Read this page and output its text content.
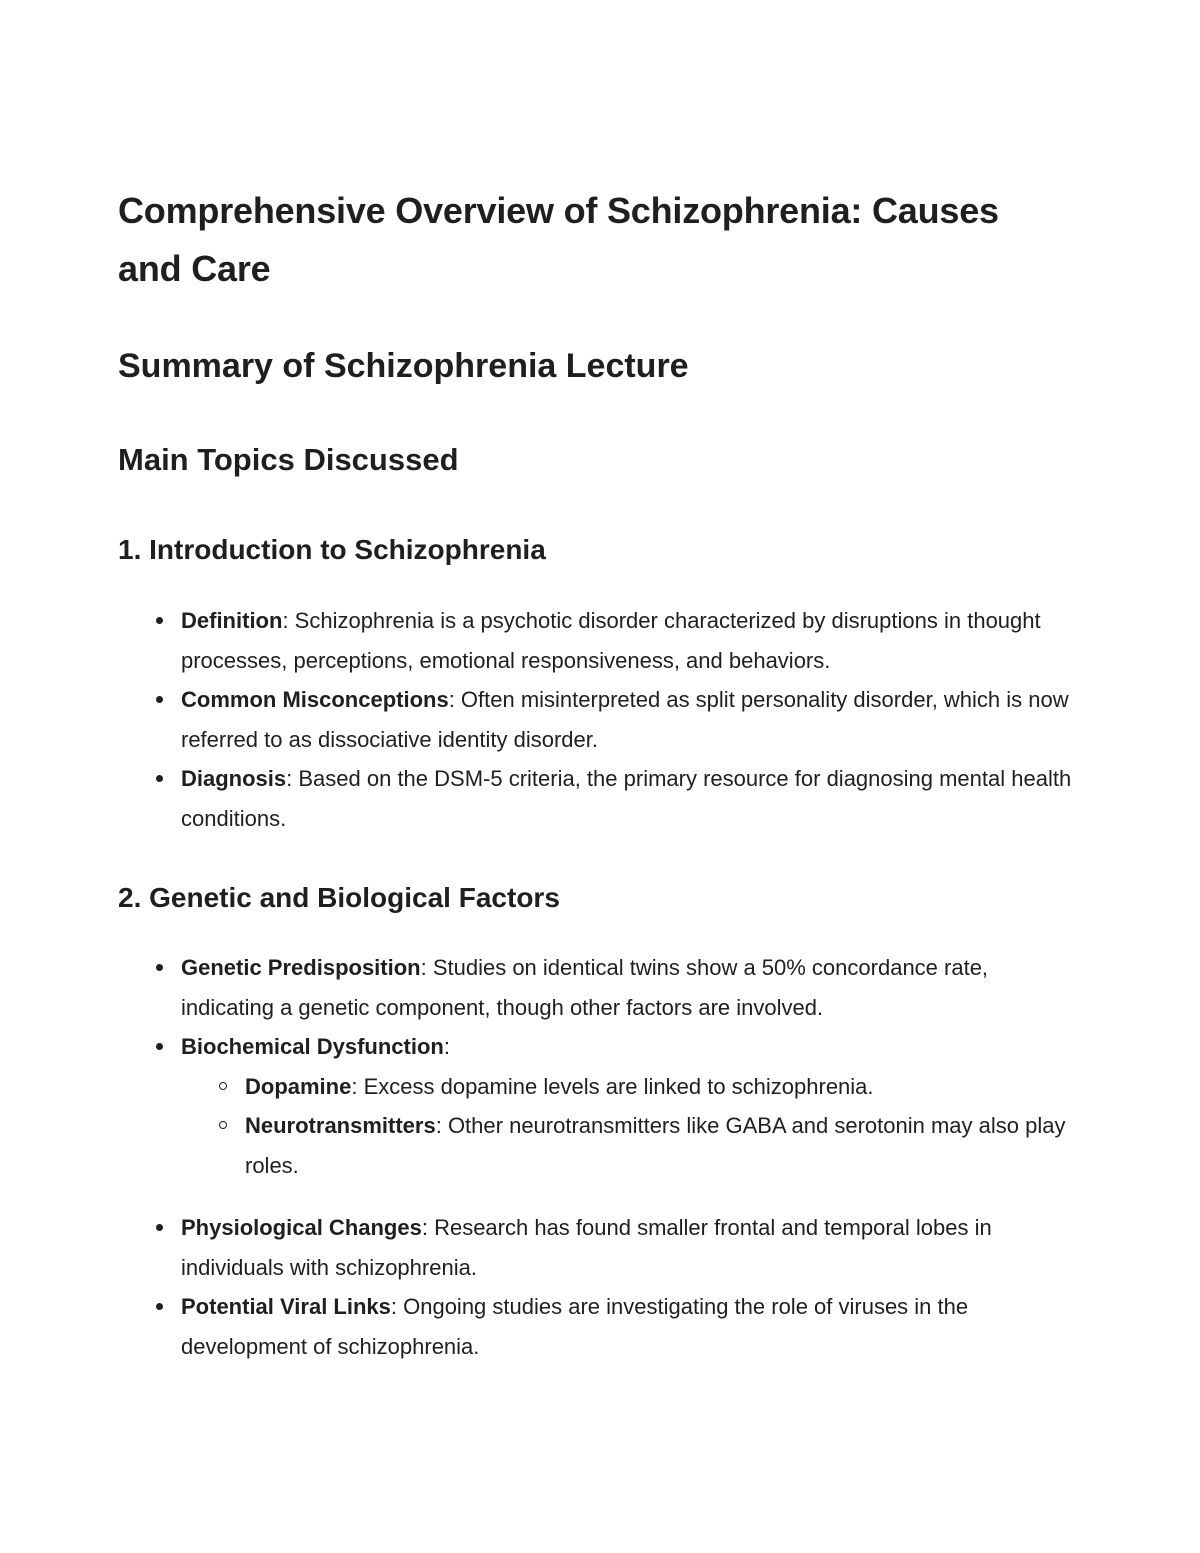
Comprehensive Overview of Schizophrenia: Causes and Care
Summary of Schizophrenia Lecture
Main Topics Discussed
1. Introduction to Schizophrenia
Definition: Schizophrenia is a psychotic disorder characterized by disruptions in thought processes, perceptions, emotional responsiveness, and behaviors.
Common Misconceptions: Often misinterpreted as split personality disorder, which is now referred to as dissociative identity disorder.
Diagnosis: Based on the DSM-5 criteria, the primary resource for diagnosing mental health conditions.
2. Genetic and Biological Factors
Genetic Predisposition: Studies on identical twins show a 50% concordance rate, indicating a genetic component, though other factors are involved.
Biochemical Dysfunction:
Dopamine: Excess dopamine levels are linked to schizophrenia.
Neurotransmitters: Other neurotransmitters like GABA and serotonin may also play roles.
Physiological Changes: Research has found smaller frontal and temporal lobes in individuals with schizophrenia.
Potential Viral Links: Ongoing studies are investigating the role of viruses in the development of schizophrenia.
